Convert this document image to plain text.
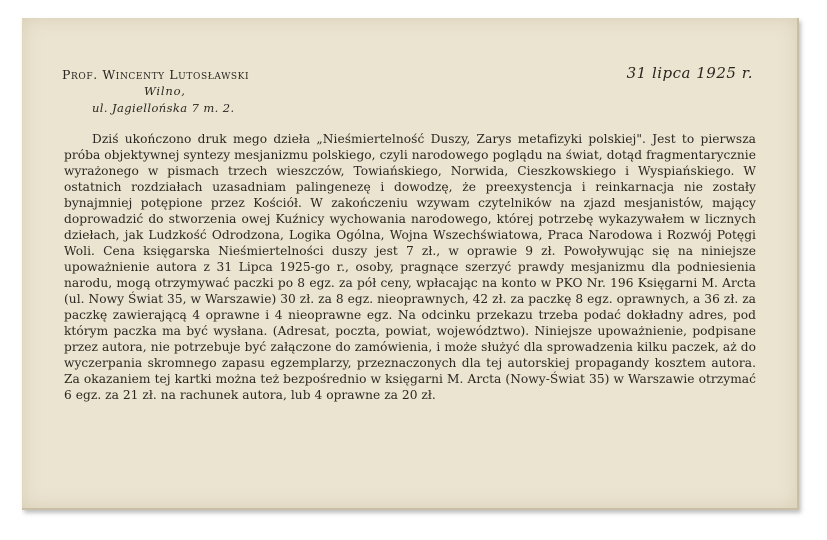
Prof. Wincenty Lutosławski
Wilno,
ul. Jagiellońska 7 m. 2.
31 lipca 1925 r.

Dziś ukończono druk mego dzieła „Nieśmiertelność Duszy, Zarys metafizyki polskiej". Jest to pierwsza próba objektywnej syntezy mesjanizmu polskiego, czyli narodowego poglądu na świat, dotąd fragmentarycznie wyrażonego w pismach trzech wieszczów, Towiańskiego, Norwida, Cieszkowskiego i Wyspiańskiego. W ostatnich rozdziałach uzasadniam palingenezę i dowodzę, że preexystencja i reinkarnacja nie zostały bynajmniej potępione przez Kościół. W zakończeniu wzywam czytelników na zjazd mesjanistów, mający doprowadzić do stworzenia owej Kuźnicy wychowania narodowego, której potrzebę wykazywałem w licznych dziełach, jak Ludzkość Odrodzona, Logika Ogólna, Wojna Wszechświatowa, Praca Narodowa i Rozwój Potęgi Woli. Cena księgarska Nieśmiertelności duszy jest 7 zł., w oprawie 9 zł. Powoływując się na niniejsze upoważnienie autora z 31 Lipca 1925-go r., osoby, pragnące szerzyć prawdy mesjanizmu dla podniesienia narodu, mogą otrzymywać paczki po 8 egz. za pół ceny, wpłacając na konto w PKO Nr. 196 Księgarni M. Arcta (ul. Nowy Świat 35, w Warszawie) 30 zł. za 8 egz. nieoprawnych, 42 zł. za paczkę 8 egz. oprawnych, a 36 zł. za paczkę zawierającą 4 oprawne i 4 nieoprawne egz. Na odcinku przekazu trzeba podać dokładny adres, pod którym paczka ma być wysłana. (Adresat, poczta, powiat, województwo). Niniejsze upoważnienie, podpisane przez autora, nie potrzebuje być załączone do zamówienia, i może służyć dla sprowadzenia kilku paczek, aż do wyczerpania skromnego zapasu egzemplarzy, przeznaczonych dla tej autorskiej propagandy kosztem autora. Za okazaniem tej kartki można też bezpośrednio w księgarni M. Arcta (Nowy-Świat 35) w Warszawie otrzymać 6 egz. za 21 zł. na rachunek autora, lub 4 oprawne za 20 zł.
